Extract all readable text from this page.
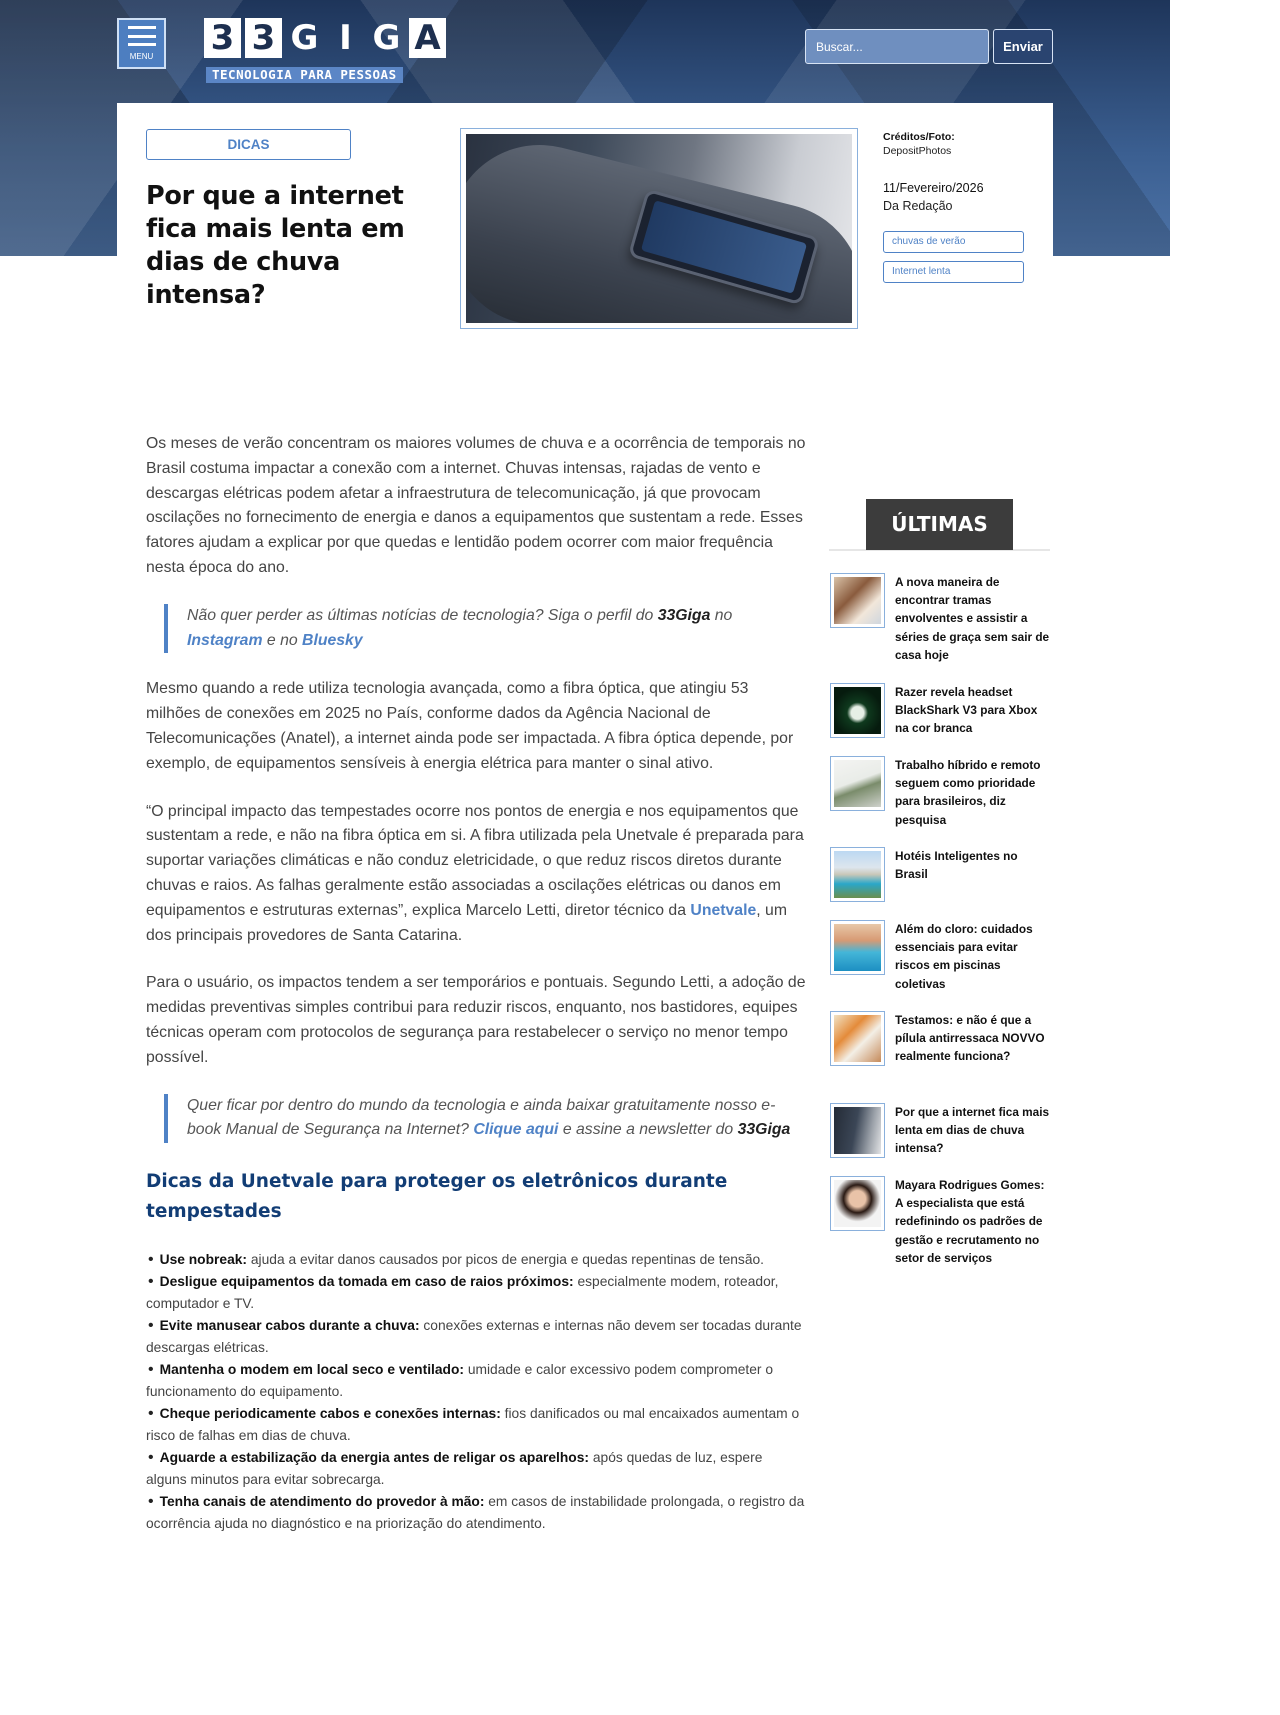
MENU 3 3 G I G A
TECNOLOGIA PARA PESSOAS
Buscar...
Enviar
DICAS
Por que a internet fica mais lenta em dias de chuva intensa?
Créditos/Foto:
DepositPhotos
11/Fevereiro/2026
Da Redação
chuvas de verão
Internet lenta

Os meses de verão concentram os maiores volumes de chuva e a ocorrência de temporais no Brasil costuma impactar a conexão com a internet. Chuvas intensas, rajadas de vento e descargas elétricas podem afetar a infraestrutura de telecomunicação, já que provocam oscilações no fornecimento de energia e danos a equipamentos que sustentam a rede. Esses fatores ajudam a explicar por que quedas e lentidão podem ocorrer com maior frequência nesta época do ano.

Não quer perder as últimas notícias de tecnologia? Siga o perfil do 33Giga no Instagram e no Bluesky

Mesmo quando a rede utiliza tecnologia avançada, como a fibra óptica, que atingiu 53 milhões de conexões em 2025 no País, conforme dados da Agência Nacional de Telecomunicações (Anatel), a internet ainda pode ser impactada. A fibra óptica depende, por exemplo, de equipamentos sensíveis à energia elétrica para manter o sinal ativo.

“O principal impacto das tempestades ocorre nos pontos de energia e nos equipamentos que sustentam a rede, e não na fibra óptica em si. A fibra utilizada pela Unetvale é preparada para suportar variações climáticas e não conduz eletricidade, o que reduz riscos diretos durante chuvas e raios. As falhas geralmente estão associadas a oscilações elétricas ou danos em equipamentos e estruturas externas”, explica Marcelo Letti, diretor técnico da Unetvale, um dos principais provedores de Santa Catarina.

Para o usuário, os impactos tendem a ser temporários e pontuais. Segundo Letti, a adoção de medidas preventivas simples contribui para reduzir riscos, enquanto, nos bastidores, equipes técnicas operam com protocolos de segurança para restabelecer o serviço no menor tempo possível.

Quer ficar por dentro do mundo da tecnologia e ainda baixar gratuitamente nosso e-book Manual de Segurança na Internet? Clique aqui e assine a newsletter do 33Giga
Dicas da Unetvale para proteger os eletrônicos durante tempestades
• Use nobreak: ajuda a evitar danos causados por picos de energia e quedas repentinas de tensão.
• Desligue equipamentos da tomada em caso de raios próximos: especialmente modem, roteador, computador e TV.
• Evite manusear cabos durante a chuva: conexões externas e internas não devem ser tocadas durante descargas elétricas.
• Mantenha o modem em local seco e ventilado: umidade e calor excessivo podem comprometer o funcionamento do equipamento.
• Cheque periodicamente cabos e conexões internas: fios danificados ou mal encaixados aumentam o risco de falhas em dias de chuva.
• Aguarde a estabilização da energia antes de religar os aparelhos: após quedas de luz, espere alguns minutos para evitar sobrecarga.
• Tenha canais de atendimento do provedor à mão: em casos de instabilidade prolongada, o registro da ocorrência ajuda no diagnóstico e na priorização do atendimento.
ÚLTIMAS
A nova maneira de encontrar tramas envolventes e assistir a séries de graça sem sair de casa hoje
Razer revela headset BlackShark V3 para Xbox na cor branca
Trabalho híbrido e remoto seguem como prioridade para brasileiros, diz pesquisa
Hotéis Inteligentes no Brasil
Além do cloro: cuidados essenciais para evitar riscos em piscinas coletivas
Testamos: e não é que a pílula antirressaca NOVVO realmente funciona?
Por que a internet fica mais lenta em dias de chuva intensa?
Mayara Rodrigues Gomes: A especialista que está redefinindo os padrões de gestão e recrutamento no setor de serviços
